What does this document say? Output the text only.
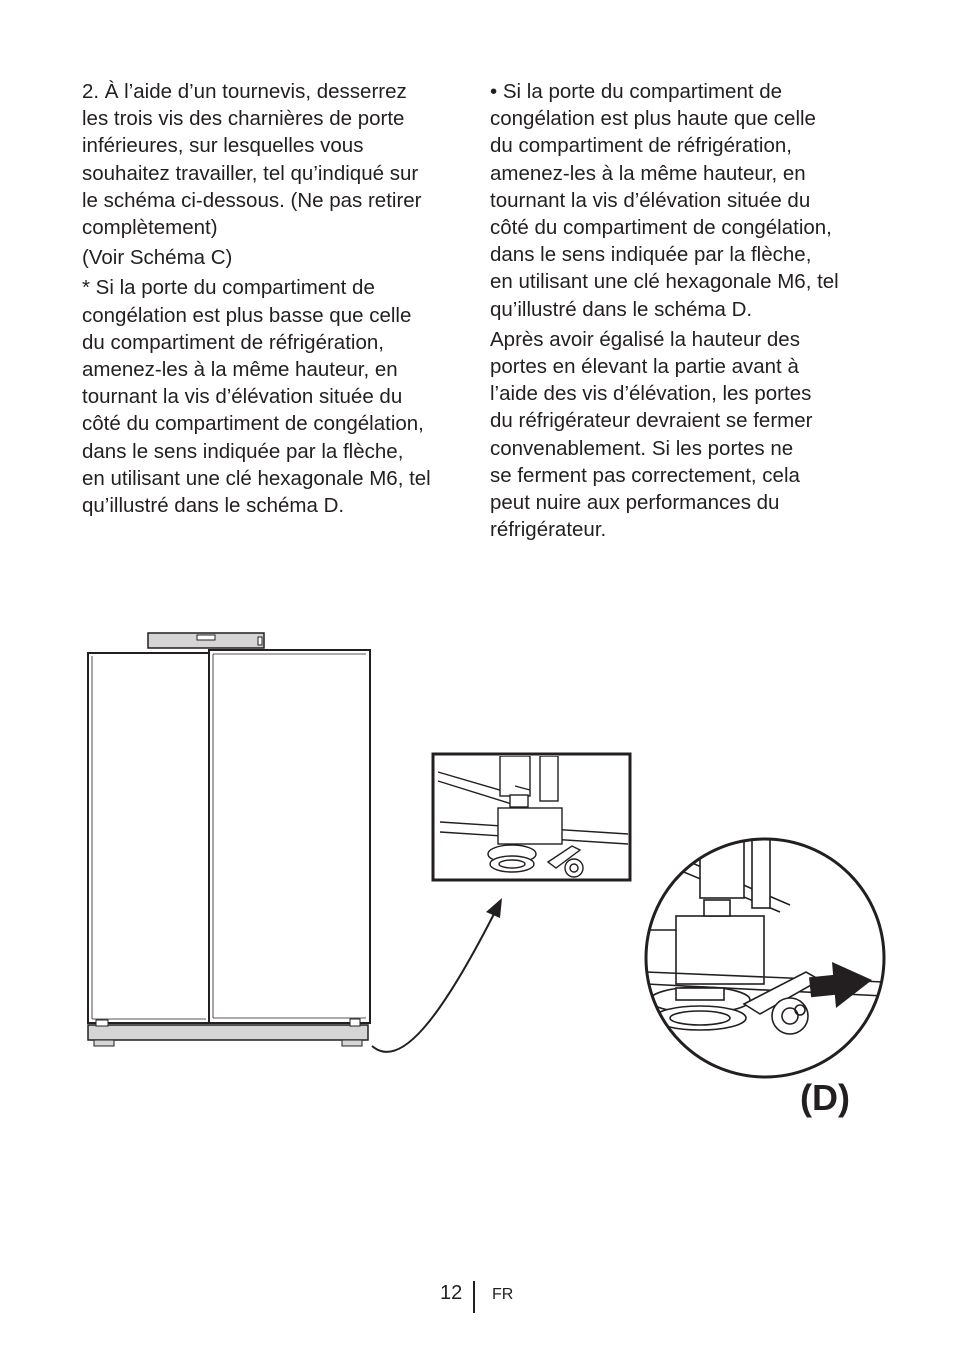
2. À l’aide d’un tournevis, desserrez
les trois vis des charnières de porte
inférieures, sur lesquelles vous
souhaitez travailler, tel qu’indiqué sur
le schéma ci-dessous. (Ne pas retirer
complètement)

(Voir Schéma C)

* Si la porte du compartiment de
congélation est plus basse que celle
du compartiment de réfrigération,
amenez-les à la même hauteur, en
tournant la vis d’élévation située du
côté du compartiment de congélation,
dans le sens indiquée par la flèche,
en utilisant une clé hexagonale M6, tel
qu’illustré dans le schéma D.

• Si la porte du compartiment de
congélation est plus haute que celle
du compartiment de réfrigération,
amenez-les à la même hauteur, en
tournant la vis d’élévation située du
côté du compartiment de congélation,
dans le sens indiquée par la flèche,
en utilisant une clé hexagonale M6, tel
qu’illustré dans le schéma D.

Après avoir égalisé la hauteur des
portes en élevant la partie avant à
l’aide des vis d’élévation, les portes
du réfrigérateur devraient se fermer
convenablement. Si les portes ne
se ferment pas correctement, cela
peut nuire aux performances du
réfrigérateur.

(D)
12 FR
